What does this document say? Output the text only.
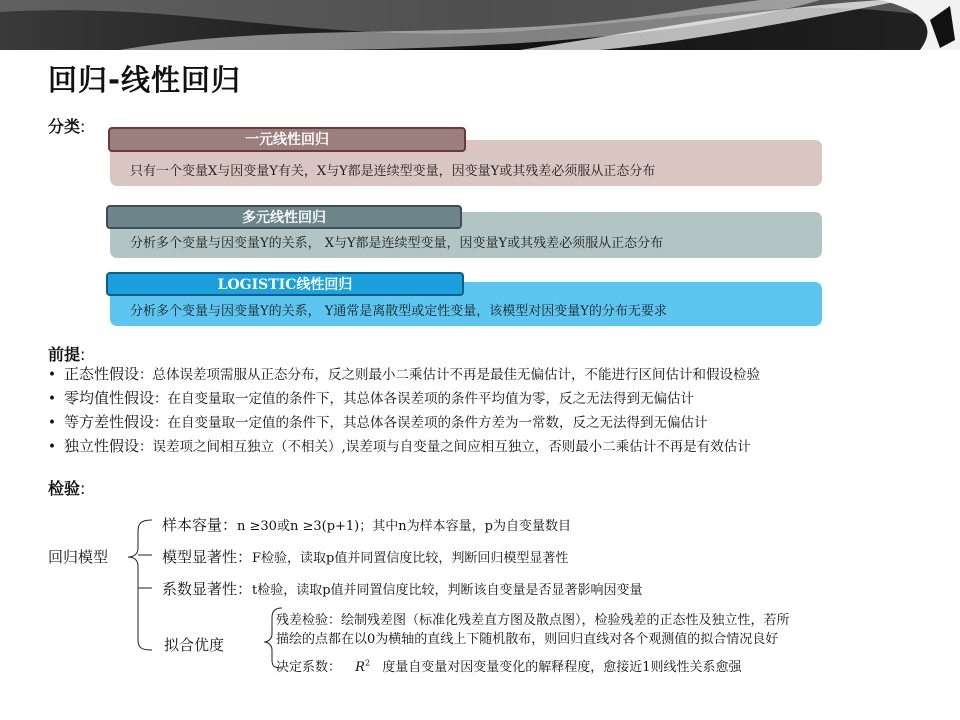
回归-线性回归
分类:
只有一个变量X与因变量Y有关，X与Y都是连续型变量，因变量Y或其残差必须服从正态分布
一元线性回归
分析多个变量与因变量Y的关系， X与Y都是连续型变量，因变量Y或其残差必须服从正态分布
多元线性回归
分析多个变量与因变量Y的关系， Y通常是离散型或定性变量，该模型对因变量Y的分布无要求
LOGISTIC线性回归
前提:
• 正态性假设：总体误差项需服从正态分布，反之则最小二乘估计不再是最佳无偏估计，不能进行区间估计和假设检验
• 零均值性假设：在自变量取一定值的条件下，其总体各误差项的条件平均值为零，反之无法得到无偏估计
• 等方差性假设：在自变量取一定值的条件下，其总体各误差项的条件方差为一常数，反之无法得到无偏估计
• 独立性假设：误差项之间相互独立（不相关）,误差项与自变量之间应相互独立，否则最小二乘估计不再是有效估计
检验:
回归模型
样本容量：n ≥30或n ≥3(p+1)；其中n为样本容量，p为自变量数目
模型显著性：F检验，读取p值并同置信度比较，判断回归模型显著性
系数显著性：t检验，读取p值并同置信度比较，判断该自变量是否显著影响因变量
拟合优度
残差检验：绘制残差图（标准化残差直方图及散点图），检验残差的正态性及独立性，若所
描绘的点都在以0为横轴的直线上下随机散布，则回归直线对各个观测值的拟合情况良好
决定系数： $R^2$ 度量自变量对因变量变化的解释程度，愈接近1则线性关系愈强
